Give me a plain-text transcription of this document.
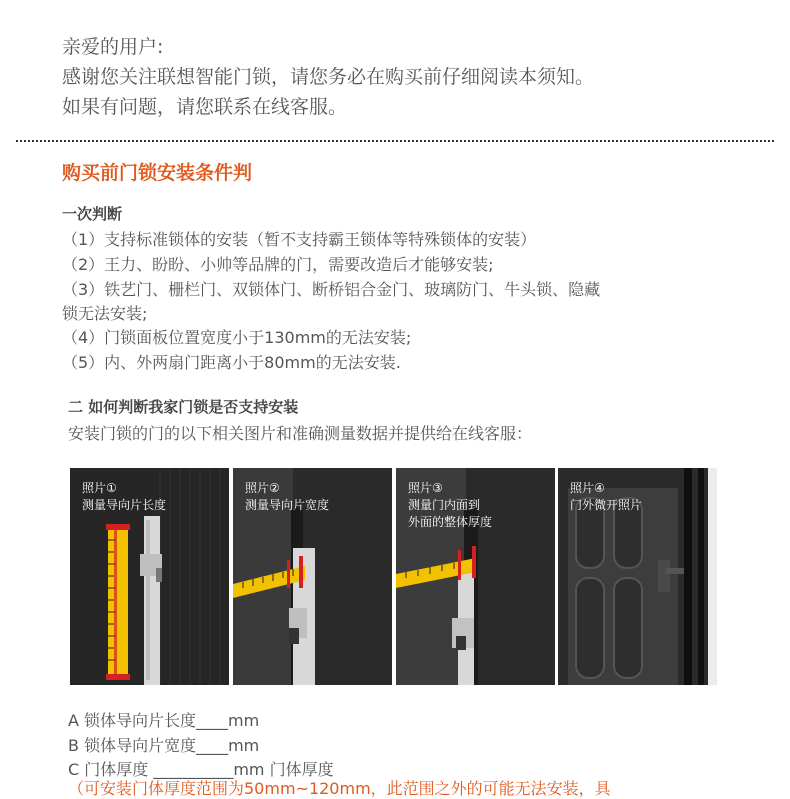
亲爱的用户:
感谢您关注联想智能门锁，请您务必在购买前仔细阅读本须知。
如果有问题，请您联系在线客服。
购买前门锁安装条件判
一次判断
（1）支持标准锁体的安装（暂不支持霸王锁体等特殊锁体的安装）
（2）王力、盼盼、小帅等品牌的门，需要改造后才能够安装;
（3）铁艺门、栅栏门、双锁体门、断桥铝合金门、玻璃防门、牛头锁、隐藏
锁无法安装;
（4）门锁面板位置宽度小于130mm的无法安装;
（5）内、外两扇门距离小于80mm的无法安装.
二 如何判断我家门锁是否支持安装
安装门锁的门的以下相关图片和准确测量数据并提供给在线客服：
照片①
测量导向片长度
照片②
测量导向片宽度
照片③
测量门内面到
外面的整体厚度
照片④
门外微开照片
A 锁体导向片长度____mm
B 锁体导向片宽度____mm
C 门体厚度 __________mm 门体厚度
（可安装门体厚度范围为50mm~120mm，此范围之外的可能无法安装，具
